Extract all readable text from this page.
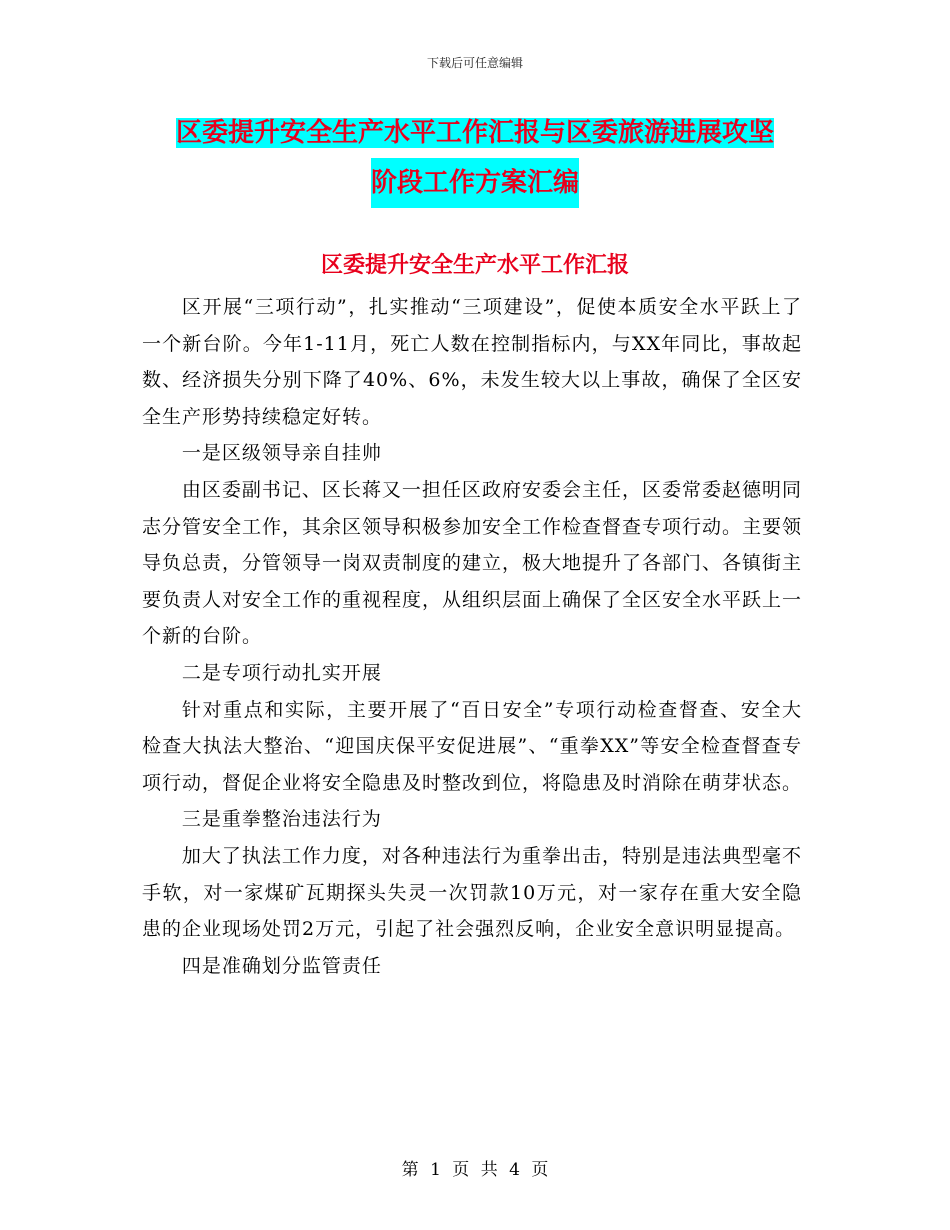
下载后可任意编辑
区委提升安全生产水平工作汇报与区委旅游进展攻坚
阶段工作方案汇编
区委提升安全生产水平工作汇报

区开展“三项行动”，扎实推动“三项建设”，促使本质安全水平跃上了一个新台阶。今年1-11月，死亡人数在控制指标内，与XX年同比，事故起数、经济损失分别下降了40%、6%，未发生较大以上事故，确保了全区安全生产形势持续稳定好转。

一是区级领导亲自挂帅

由区委副书记、区长蒋又一担任区政府安委会主任，区委常委赵德明同志分管安全工作，其余区领导积极参加安全工作检查督查专项行动。主要领导负总责，分管领导一岗双责制度的建立，极大地提升了各部门、各镇街主要负责人对安全工作的重视程度，从组织层面上确保了全区安全水平跃上一个新的台阶。

二是专项行动扎实开展

针对重点和实际，主要开展了“百日安全”专项行动检查督查、安全大检查大执法大整治、“迎国庆保平安促进展”、“重拳XX”等安全检查督查专项行动，督促企业将安全隐患及时整改到位，将隐患及时消除在萌芽状态。

三是重拳整治违法行为

加大了执法工作力度，对各种违法行为重拳出击，特别是违法典型毫不手软，对一家煤矿瓦期探头失灵一次罚款10万元，对一家存在重大安全隐患的企业现场处罚2万元，引起了社会强烈反响，企业安全意识明显提高。

四是准确划分监管责任

第 1 页 共 4 页
